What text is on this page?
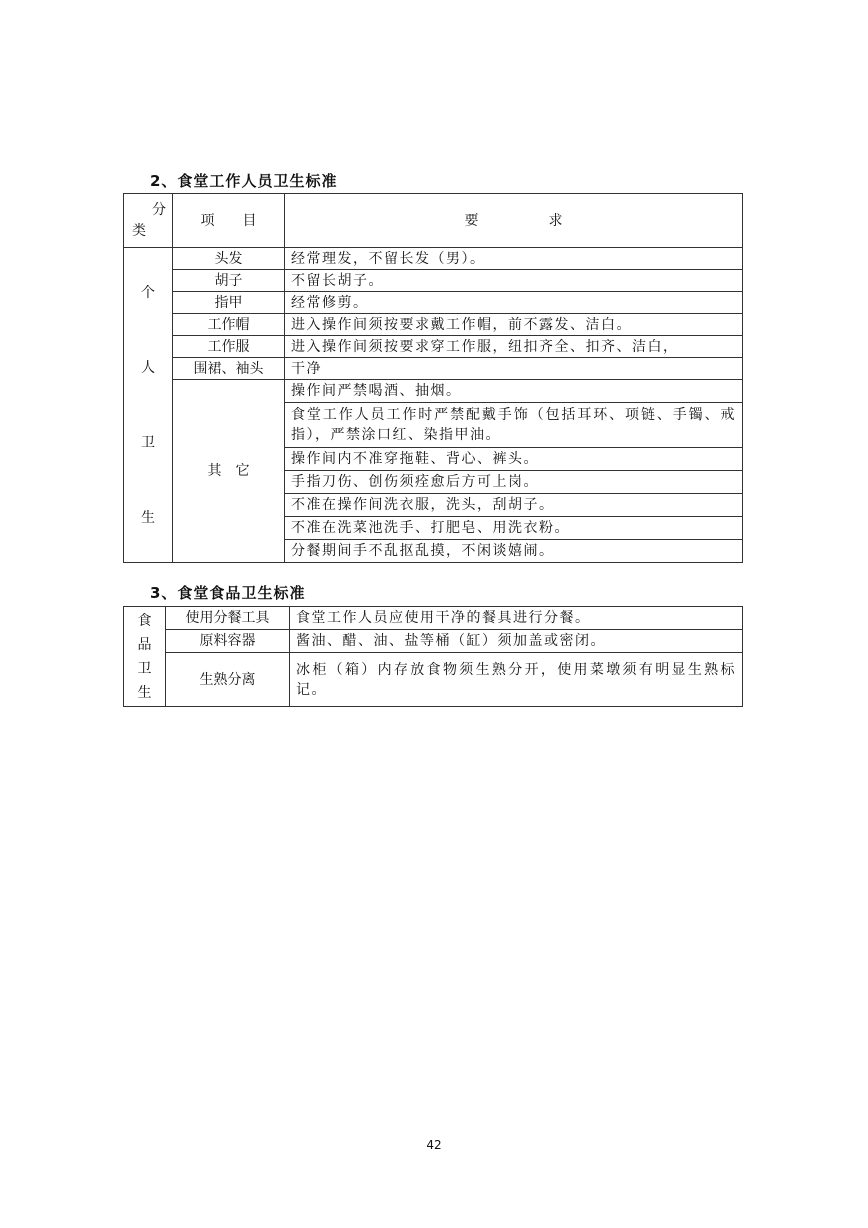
2、食堂工作人员卫生标准
分
类	项　　目	要　　　　　求

个
人
卫
生	头发	经常理发，不留长发（男）。
	胡子	不留长胡子。
	指甲	经常修剪。
	工作帽	进入操作间须按要求戴工作帽，前不露发、洁白。
	工作服	进入操作间须按要求穿工作服，纽扣齐全、扣齐、洁白，
	围裙、袖头	干净
	其　它	操作间严禁喝酒、抽烟。
		食堂工作人员工作时严禁配戴手饰（包括耳环、项链、手镯、戒指），严禁涂口红、染指甲油。
		操作间内不准穿拖鞋、背心、裤头。
		手指刀伤、创伤须痊愈后方可上岗。
		不准在操作间洗衣服，洗头，刮胡子。
		不准在洗菜池洗手、打肥皂、用洗衣粉。
		分餐期间手不乱抠乱摸，不闲谈嬉闹。
3、食堂食品卫生标准
食
品
卫
生	使用分餐工具	食堂工作人员应使用干净的餐具进行分餐。
	原料容器	酱油、醋、油、盐等桶（缸）须加盖或密闭。
	生熟分离	冰柜（箱）内存放食物须生熟分开，使用菜墩须有明显生熟标记。
42
